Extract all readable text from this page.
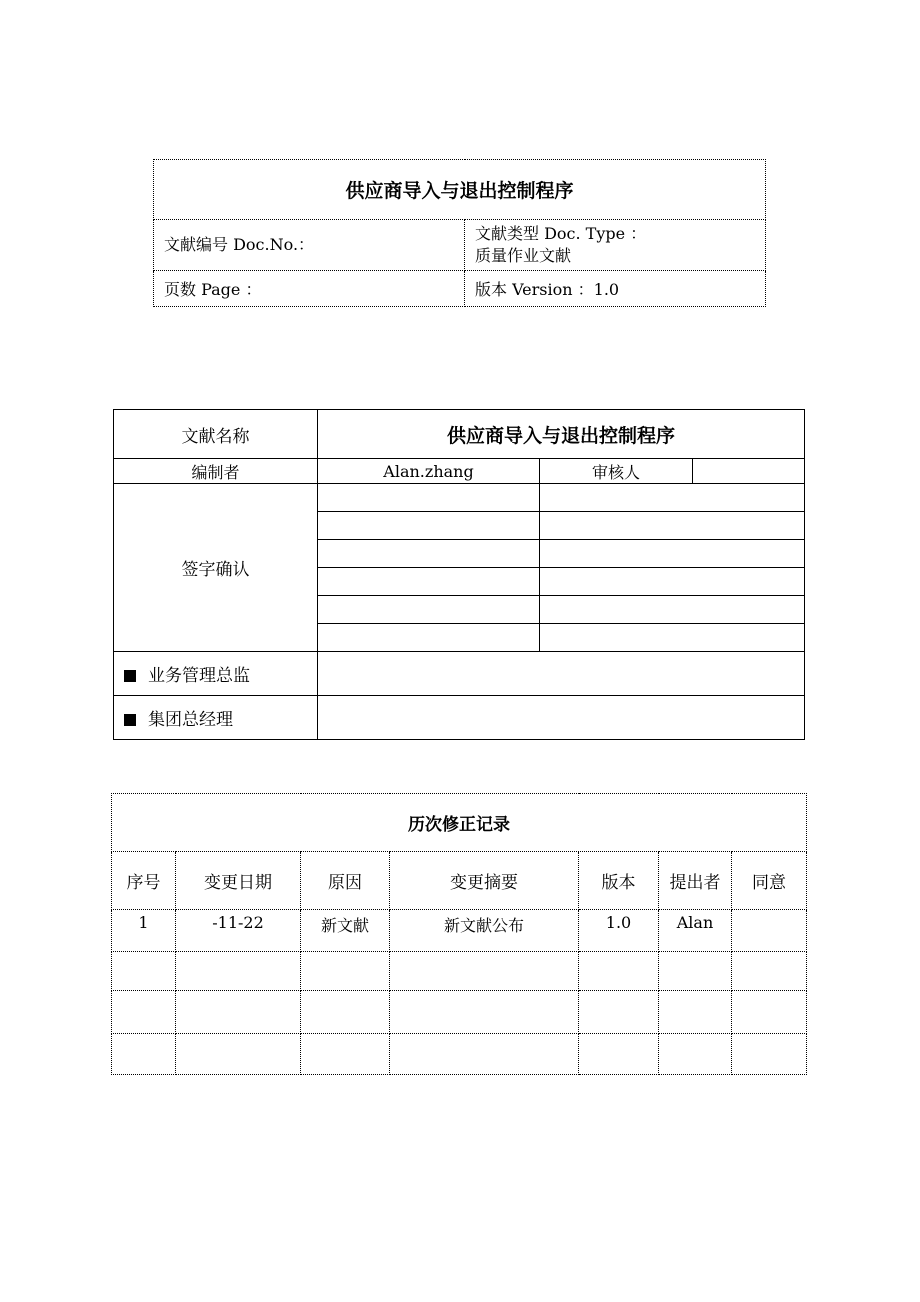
供应商导入与退出控制程序	
文献编号 Doc.No.：	文献类型 Doc. Type ：
质量作业文献

页数 Page ：	版本 Version ：1.0
文献名称	供应商导入与退出控制程序		
编制者	Alan.zhang	审核人	
签字确认			

业务管理总监			
集团总经理			
历次修正记录						
序号	变更日期	原因	变更摘要	版本	提出者	同意
1	-11-22	新文献	新文献公布	1.0	Alan	
